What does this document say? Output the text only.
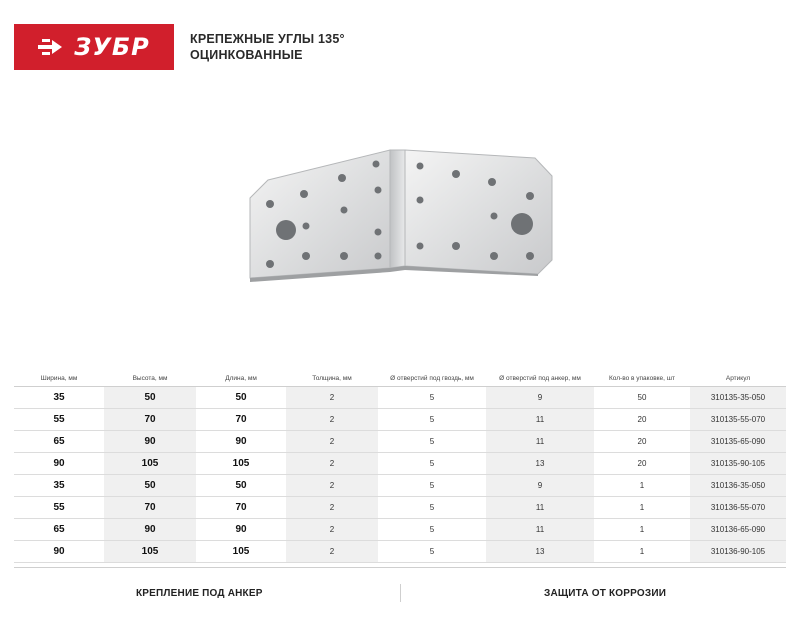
ЗУБР	КРЕПЕЖНЫЕ УГЛЫ 135°
ОЦИНКОВАННЫЕ
Ширина, мм	Высота, мм	Длина, мм	Толщина, мм	Ø отверстий под гвоздь, мм	Ø отверстий под анкер, мм	Кол-во в упаковке, шт	Артикул
35	50	50	2	5	9	50	310135-35-050
55	70	70	2	5	11	20	310135-55-070
65	90	90	2	5	11	20	310135-65-090
90	105	105	2	5	13	20	310135-90-105
35	50	50	2	5	9	1	310136-35-050
55	70	70	2	5	11	1	310136-55-070
65	90	90	2	5	11	1	310136-65-090
90	105	105	2	5	13	1	310136-90-105
КРЕПЛЕНИЕ ПОД АНКЕР	ЗАЩИТА ОТ КОРРОЗИИ
